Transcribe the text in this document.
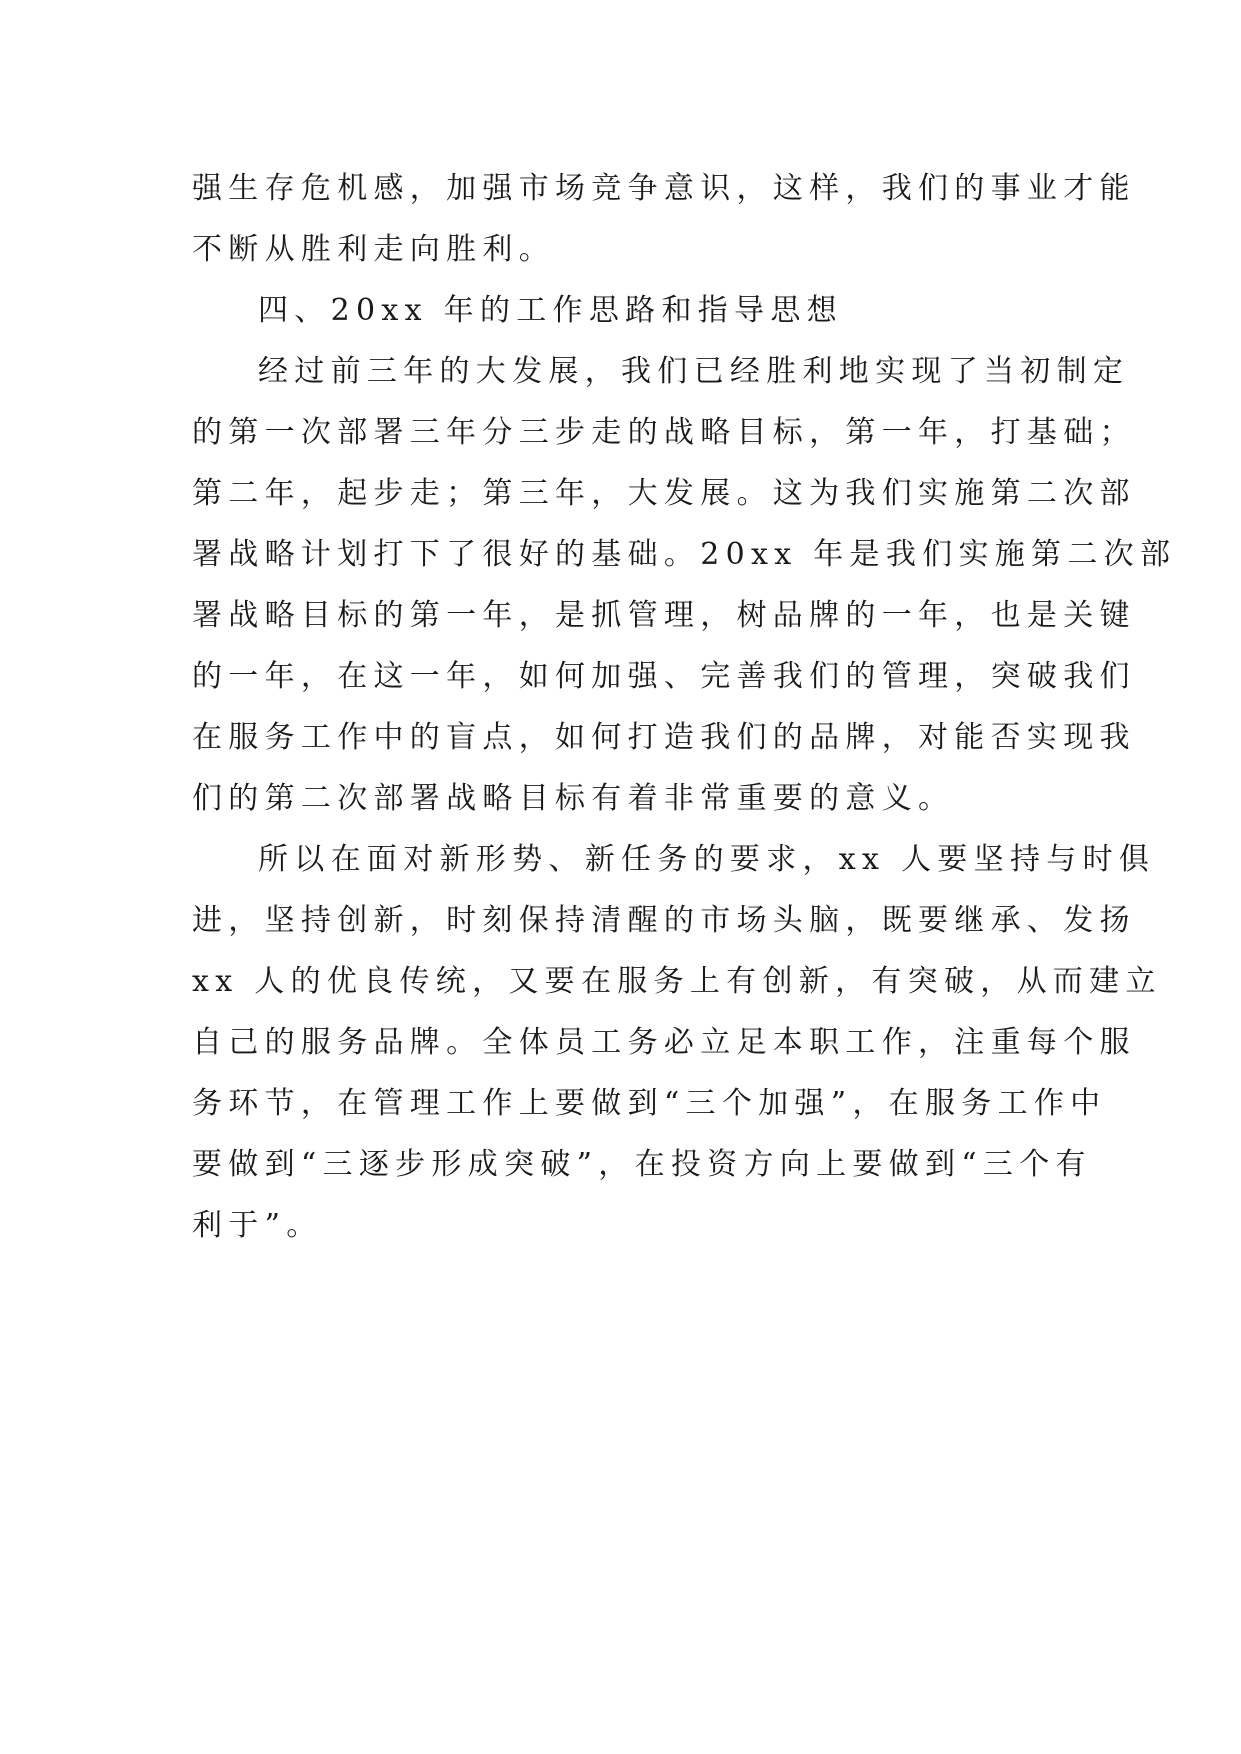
强生存危机感，加强市场竞争意识，这样，我们的事业才能
不断从胜利走向胜利。
四、20xx 年的工作思路和指导思想
经过前三年的大发展，我们已经胜利地实现了当初制定
的第一次部署三年分三步走的战略目标，第一年，打基础；
第二年，起步走；第三年，大发展。这为我们实施第二次部
署战略计划打下了很好的基础。20xx 年是我们实施第二次部
署战略目标的第一年，是抓管理，树品牌的一年，也是关键
的一年，在这一年，如何加强、完善我们的管理，突破我们
在服务工作中的盲点，如何打造我们的品牌，对能否实现我
们的第二次部署战略目标有着非常重要的意义。
所以在面对新形势、新任务的要求，xx 人要坚持与时俱
进，坚持创新，时刻保持清醒的市场头脑，既要继承、发扬
xx 人的优良传统，又要在服务上有创新，有突破，从而建立
自己的服务品牌。全体员工务必立足本职工作，注重每个服
务环节，在管理工作上要做到“三个加强”，在服务工作中
要做到“三逐步形成突破”，在投资方向上要做到“三个有
利于”。
